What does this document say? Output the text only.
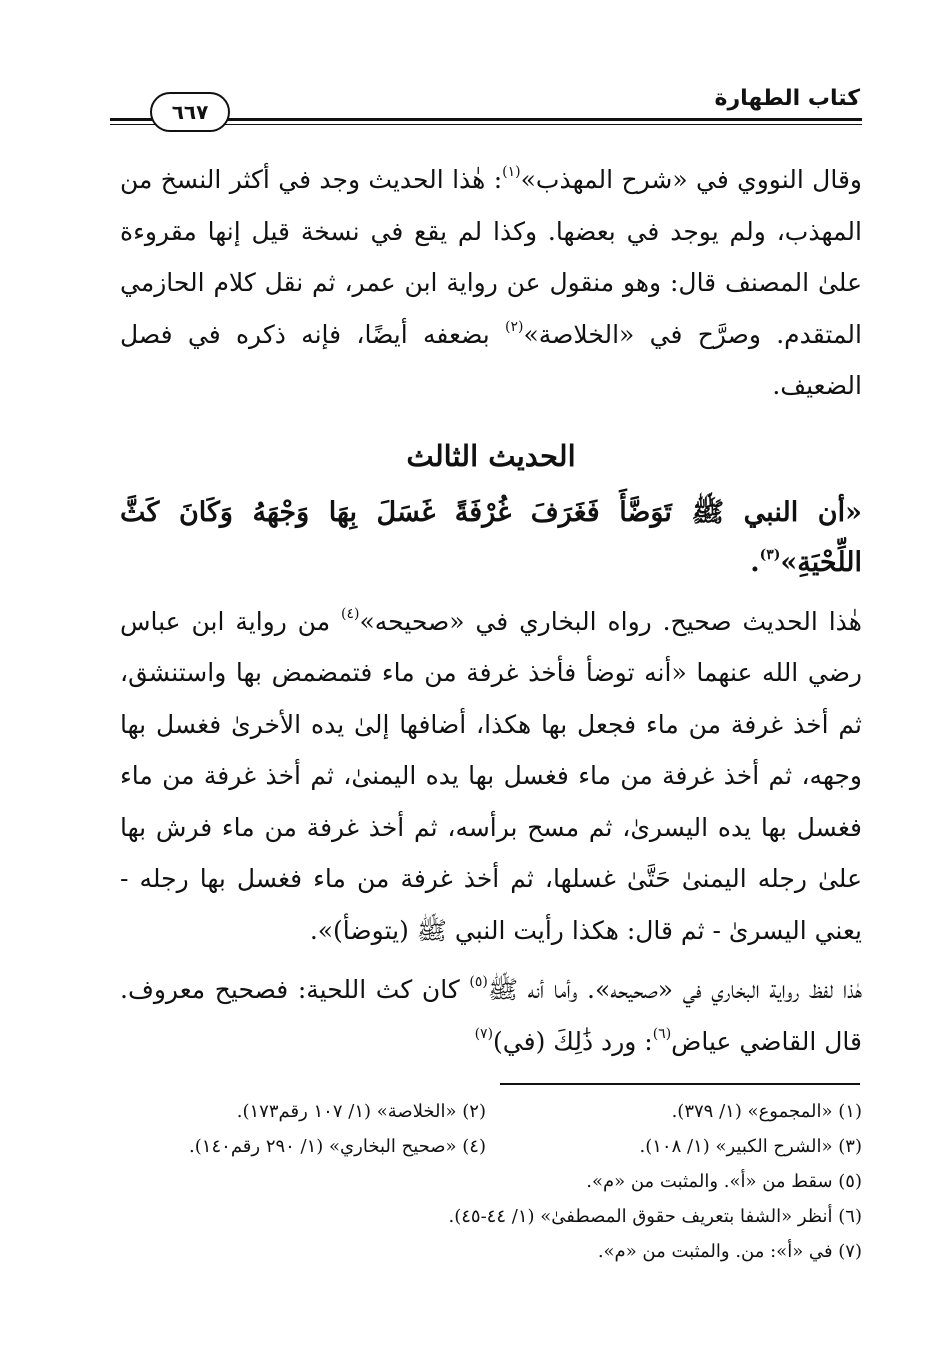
كتاب الطهارة
٦٦٧

وقال النووي في «شرح المهذب»$^{(١)}$: هٰذا الحديث وجد في أكثر النسخ من المهذب، ولم يوجد في بعضها. وكذا لم يقع في نسخة قيل إنها مقروءة علىٰ المصنف قال: وهو منقول عن رواية ابن عمر، ثم نقل كلام الحازمي المتقدم. وصرَّح في «الخلاصة»$^{(٢)}$ بضعفه أيضًا، فإنه ذكره في فصل الضعيف.

الحديث الثالث

«أن النبي ﷺ تَوَضَّأَ فَغَرَفَ غُرْفَةً غَسَلَ بِهَا وَجْهَهُ وَكَانَ كَثَّ اللِّحْيَةِ»$^{(٣)}$.

هٰذا الحديث صحيح. رواه البخاري في «صحيحه»$^{(٤)}$ من رواية ابن عباس رضي الله عنهما «أنه توضأ فأخذ غرفة من ماء فتمضمض بها واستنشق، ثم أخذ غرفة من ماء فجعل بها هكذا، أضافها إلىٰ يده الأخرىٰ فغسل بها وجهه، ثم أخذ غرفة من ماء فغسل بها يده اليمنىٰ، ثم أخذ غرفة من ماء فغسل بها يده اليسرىٰ، ثم مسح برأسه، ثم أخذ غرفة من ماء فرش بها علىٰ رجله اليمنىٰ حَتَّىٰ غسلها، ثم أخذ غرفة من ماء فغسل بها رجله - يعني اليسرىٰ - ثم قال: هكذا رأيت النبي ﷺ (يتوضأ)».

هٰذا لفظ رواية البخاري في «صحيحه». وأما أنه ﷺ$^{(٥)}$ كان كث اللحية: فصحيح معروف. قال القاضي عياض$^{(٦)}$: ورد ذَٰلِكَ (في)$^{(٧)}$

(١) «المجموع» (١/ ٣٧٩).
(٢) «الخلاصة» (١/ ١٠٧ رقم١٧٣).
(٣) «الشرح الكبير» (١/ ١٠٨).
(٤) «صحيح البخاري» (١/ ٢٩٠ رقم١٤٠).
(٥) سقط من «أ». والمثبت من «م».
(٦) أنظر «الشفا بتعريف حقوق المصطفىٰ» (١/ ٤٤-٤٥).
(٧) في «أ»: من. والمثبت من «م».
